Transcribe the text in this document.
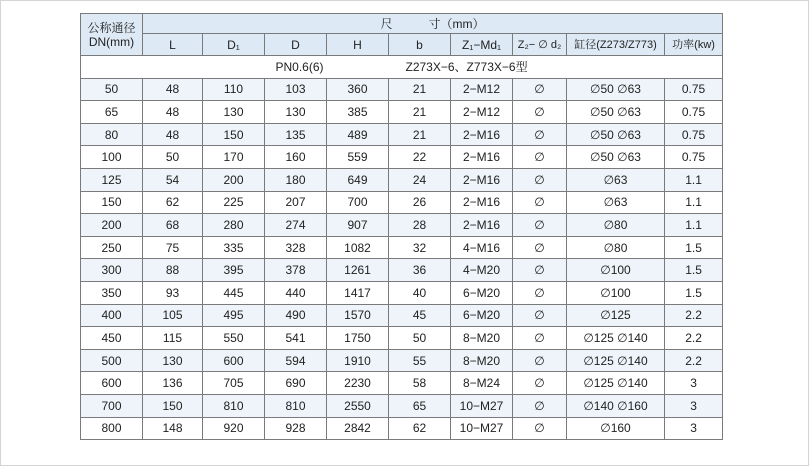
公称通径
DN(mm)	尺　　　寸（mm）								
	L	D₁	D	H	b	Z₁−Md₁	Z₂− ∅ d₂	缸径(Z273/Z773)	功率(kw)
PN0.6(6) Z273X−6、Z773X−6型									
50	48	110	103	360	21	2−M12	∅	∅50 ∅63	0.75
65	48	130	130	385	21	2−M12	∅	∅50 ∅63	0.75
80	48	150	135	489	21	2−M16	∅	∅50 ∅63	0.75
100	50	170	160	559	22	2−M16	∅	∅50 ∅63	0.75
125	54	200	180	649	24	2−M16	∅	∅63	1.1
150	62	225	207	700	26	2−M16	∅	∅63	1.1
200	68	280	274	907	28	2−M16	∅	∅80	1.1
250	75	335	328	1082	32	4−M16	∅	∅80	1.5
300	88	395	378	1261	36	4−M20	∅	∅100	1.5
350	93	445	440	1417	40	6−M20	∅	∅100	1.5
400	105	495	490	1570	45	6−M20	∅	∅125	2.2
450	115	550	541	1750	50	8−M20	∅	∅125 ∅140	2.2
500	130	600	594	1910	55	8−M20	∅	∅125 ∅140	2.2
600	136	705	690	2230	58	8−M24	∅	∅125 ∅140	3
700	150	810	810	2550	65	10−M27	∅	∅140 ∅160	3
800	148	920	928	2842	62	10−M27	∅	∅160	3
